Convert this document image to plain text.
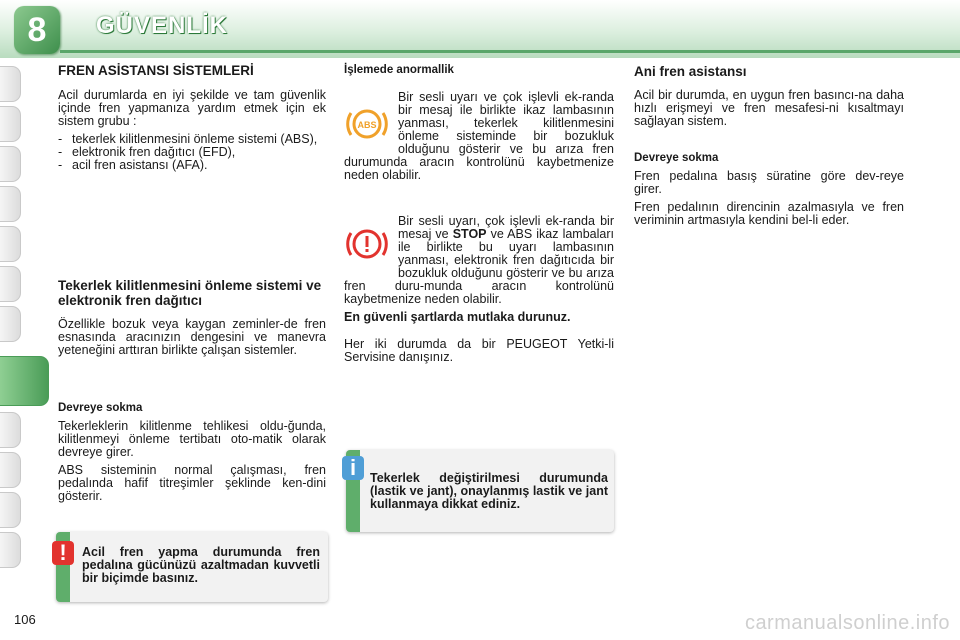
8	GÜVENLİK
FREN ASİSTANSI SİSTEMLERİ

Acil durumlarda en iyi şekilde ve tam güvenlik içinde fren yapmanıza yardım etmek için ek sistem grubu :

- tekerlek kilitlenmesini önleme sistemi (ABS),
- elektronik fren dağıtıcı (EFD),
- acil fren asistansı (AFA).
Tekerlek kilitlenmesini önleme sistemi ve elektronik fren dağıtıcı

Özellikle bozuk veya kaygan zeminler-de fren esnasında aracınızın dengesini ve manevra yeteneğini arttıran birlikte çalışan sistemler.

Devreye sokma

Tekerleklerin kilitlenme tehlikesi oldu-ğunda, kilitlenmeyi önleme tertibatı oto-matik olarak devreye girer.

ABS sisteminin normal çalışması, fren pedalında hafif titreşimler şeklinde ken-dini gösterir.

Acil fren yapma durumunda fren pedalına gücünüzü azaltmadan kuvvetli bir biçimde basınız.
!
İşlemede anormallik
ABS

Bir sesli uyarı ve çok işlevli ek-randa bir mesaj ile birlikte ikaz lambasının yanması, tekerlek kilitlenmesini önleme sisteminde bir bozukluk olduğunu gösterir ve bu arıza fren durumunda aracın kontrolünü kaybetmenize neden olabilir.

Bir sesli uyarı, çok işlevli ek-randa bir mesaj ve STOP ve ABS ikaz lambaları ile birlikte bu uyarı lambasının yanması, elektronik fren dağıtıcıda bir bozukluk olduğunu gösterir ve bu arıza fren duru-munda aracın kontrolünü kaybetmenize neden olabilir.

En güvenli şartlarda mutlaka durunuz.

Her iki durumda da bir PEUGEOT Yetki-li Servisine danışınız.

Tekerlek değiştirilmesi durumunda (lastik ve jant), onaylanmış lastik ve jant kullanmaya dikkat ediniz.
i
Ani fren asistansı

Acil bir durumda, en uygun fren basıncı-na daha hızlı erişmeyi ve fren mesafesi-ni kısaltmayı sağlayan sistem.

Devreye sokma

Fren pedalına basış süratine göre dev-reye girer.

Fren pedalının direncinin azalmasıyla ve fren veriminin artmasıyla kendini bel-li eder.

106	carmanualsonline.info
